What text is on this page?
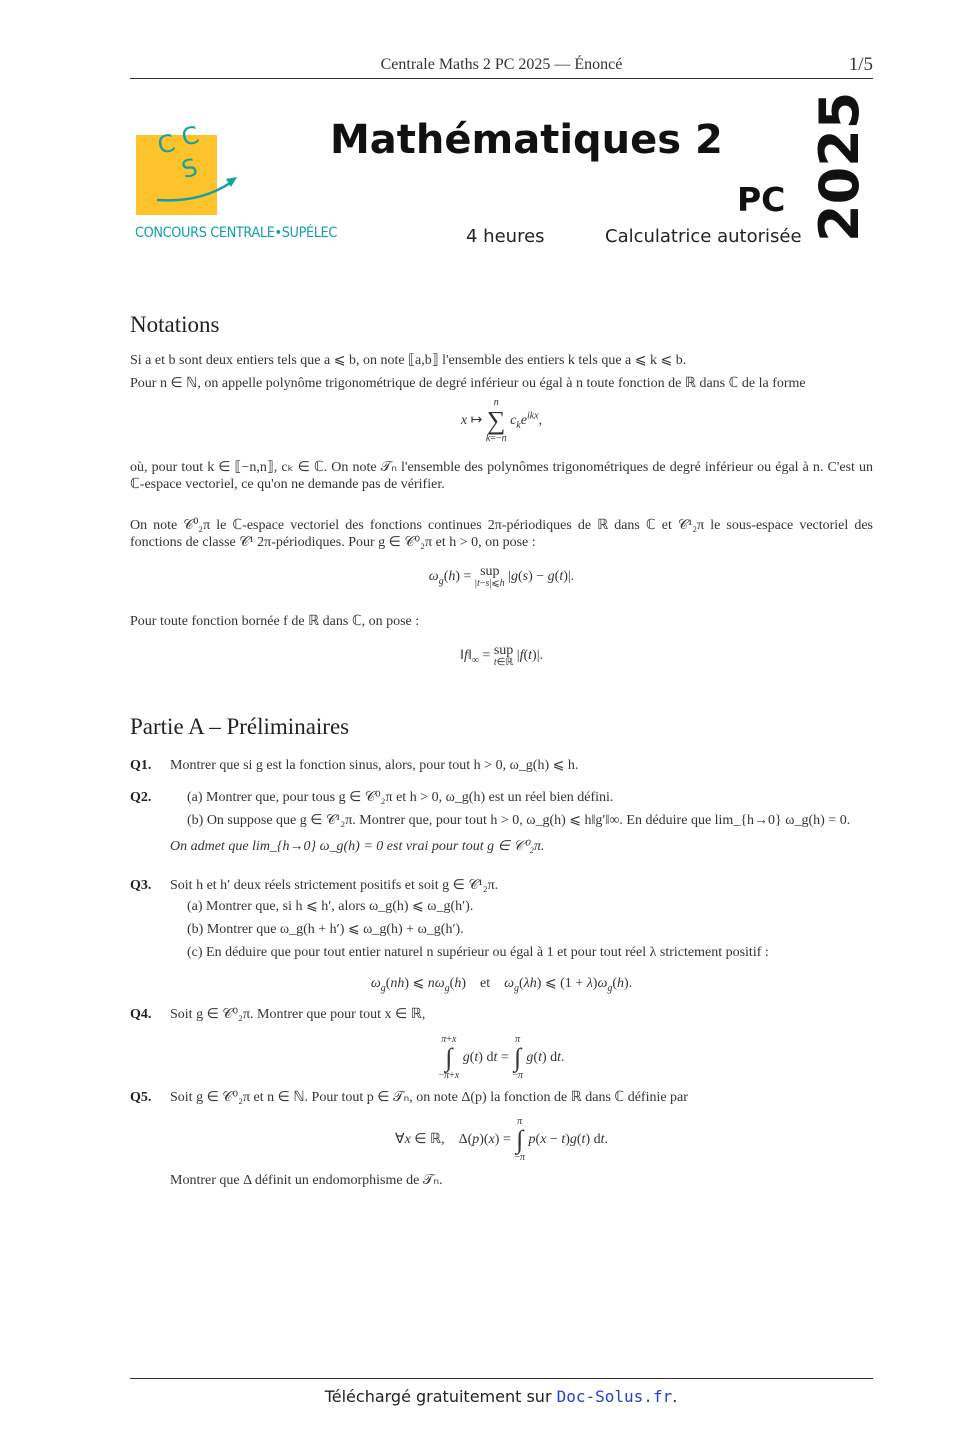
Centrale Maths 2 PC 2025 — Énoncé	1/5
C C
S
CONCOURS CENTRALE•SUPÉLEC
Mathématiques 2
PC
4 heures	Calculatrice autorisée 2025
Notations
Si a et b sont deux entiers tels que a ⩽ b, on note ⟦a,b⟧ l'ensemble des entiers k tels que a ⩽ k ⩽ b.
Pour n ∈ ℕ, on appelle polynôme trigonométrique de degré inférieur ou égal à n toute fonction de ℝ dans ℂ de la forme
x ↦
n
∑
k=−n
$c_ke^{ikx}$,
où, pour tout k ∈ ⟦−n,n⟧, cₖ ∈ ℂ. On note 𝒯ₙ l'ensemble des polynômes trigonométriques de degré inférieur ou égal à n. C'est un ℂ-espace vectoriel, ce qu'on ne demande pas de vérifier.
On note 𝒞⁰₂π le ℂ-espace vectoriel des fonctions continues 2π-périodiques de ℝ dans ℂ et 𝒞¹₂π le sous-espace vectoriel des fonctions de classe 𝒞¹ 2π-périodiques. Pour g ∈ 𝒞⁰₂π et h > 0, on pose :
$\omega_g(h)$ = sup
|t−s|⩽h |g(s) − g(t)|.
Pour toute fonction bornée f de ℝ dans ℂ, on pose :
$‖f‖_\infty$ = sup
t∈ℝ |f(t)|.
Partie A – Préliminaires
Q1. Montrer que si g est la fonction sinus, alors, pour tout h > 0, ω_g(h) ⩽ h.
Q2.	(a) Montrer que, pour tous g ∈ 𝒞⁰₂π et h > 0, ω_g(h) est un réel bien défini.
(b) On suppose que g ∈ 𝒞¹₂π. Montrer que, pour tout h > 0, ω_g(h) ⩽ h‖g′‖∞. En déduire que lim_{h→0} ω_g(h) = 0.
On admet que lim_{h→0} ω_g(h) = 0 est vrai pour tout g ∈ 𝒞⁰₂π.
Q3. Soit h et h′ deux réels strictement positifs et soit g ∈ 𝒞¹₂π.
(a) Montrer que, si h ⩽ h′, alors ω_g(h) ⩽ ω_g(h′).
(b) Montrer que ω_g(h + h′) ⩽ ω_g(h) + ω_g(h′).
(c) En déduire que pour tout entier naturel n supérieur ou égal à 1 et pour tout réel λ strictement positif :
$\omega_g(nh)$ ⩽ $n\omega_g(h)$    et    $\omega_g(\lambda h)$ ⩽ $(1 + \lambda)\omega_g(h)$.
Q4. Soit g ∈ 𝒞⁰₂π. Montrer que pour tout x ∈ ℝ,
π+x
∫
−π+x
g(t) dt =
π
∫
−π
g(t) dt.
Q5. Soit g ∈ 𝒞⁰₂π et n ∈ ℕ. Pour tout p ∈ 𝒯ₙ, on note Δ(p) la fonction de ℝ dans ℂ définie par
∀x ∈ ℝ,    Δ(p)(x) =
π
∫
−π
p(x − t)g(t) dt.
Montrer que Δ définit un endomorphisme de 𝒯ₙ.
Téléchargé gratuitement sur Doc-Solus.fr.
